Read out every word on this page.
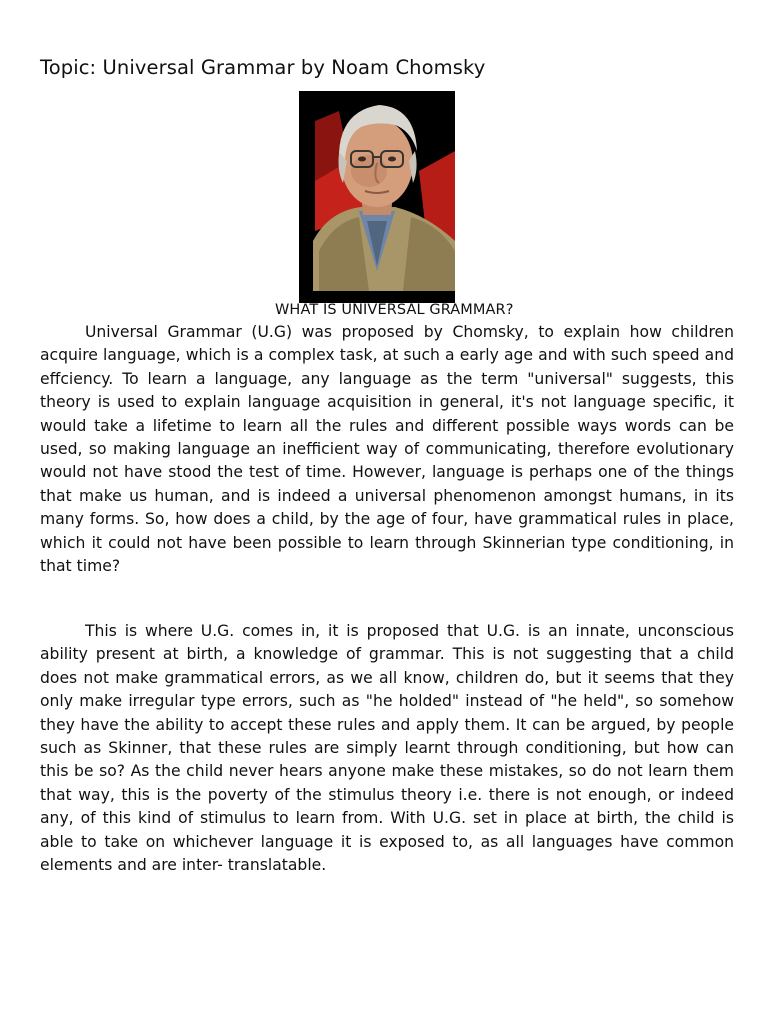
Topic: Universal Grammar by Noam Chomsky
WHAT IS UNIVERSAL GRAMMAR?

Universal Grammar (U.G) was proposed by Chomsky, to explain how children acquire language, which is a complex task, at such a early age and with such speed and effciency. To learn a language, any language as the term "universal" suggests, this theory is used to explain language acquisition in general, it's not language specific, it would take a lifetime to learn all the rules and different possible ways words can be used, so making language an inefficient way of communicating, therefore evolutionary would not have stood the test of time. However, language is perhaps one of the things that make us human, and is indeed a universal phenomenon amongst humans, in its many forms. So, how does a child, by the age of four, have grammatical rules in place, which it could not have been possible to learn through Skinnerian type conditioning, in that time?

This is where U.G. comes in, it is proposed that U.G. is an innate, unconscious ability present at birth, a knowledge of grammar. This is not suggesting that a child does not make grammatical errors, as we all know, children do, but it seems that they only make irregular type errors, such as "he holded" instead of "he held", so somehow they have the ability to accept these rules and apply them. It can be argued, by people such as Skinner, that these rules are simply learnt through conditioning, but how can this be so? As the child never hears anyone make these mistakes, so do not learn them that way, this is the poverty of the stimulus theory i.e. there is not enough, or indeed any, of this kind of stimulus to learn from. With U.G. set in place at birth, the child is able to take on whichever language it is exposed to, as all languages have common elements and are inter- translatable.
